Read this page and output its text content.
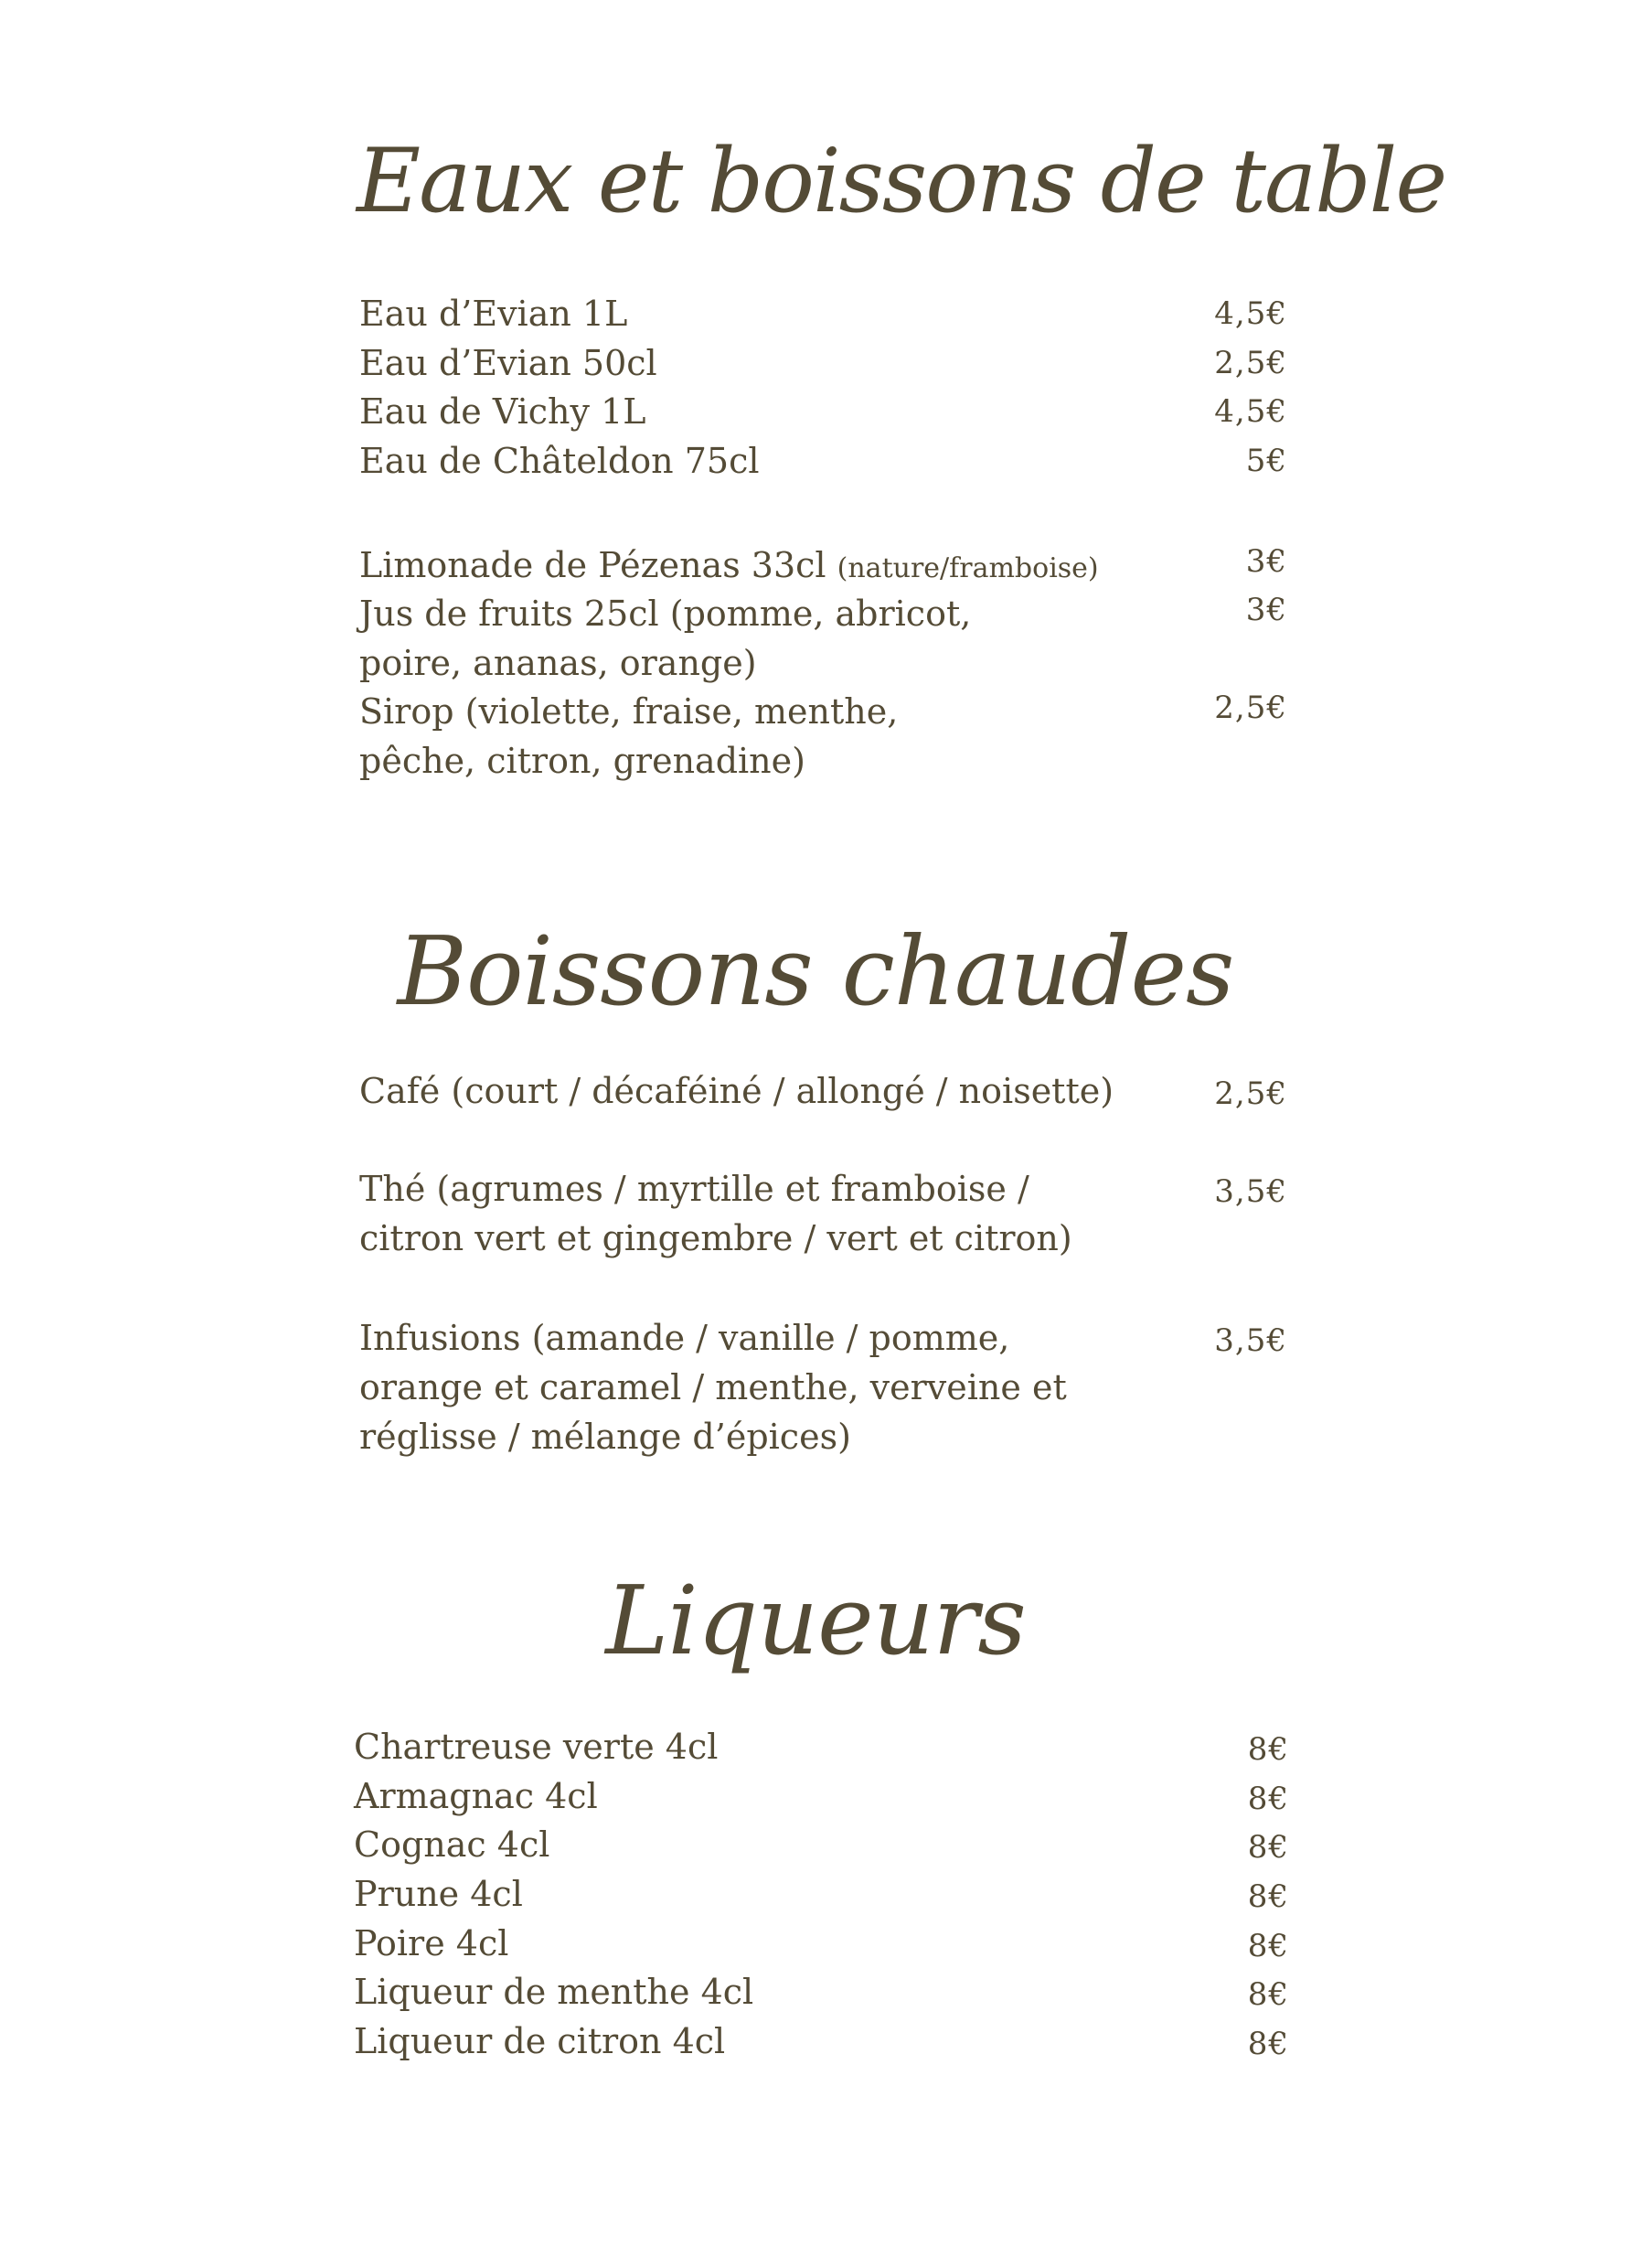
Eaux et boissons de table
Eau d’Evian 1L	4,5€
Eau d’Evian 50cl	2,5€
Eau de Vichy 1L	4,5€
Eau de Châteldon 75cl	5€
Limonade de Pézenas 33cl (nature/framboise)	3€
Jus de fruits 25cl (pomme, abricot,
poire, ananas, orange)
3€
Sirop (violette, fraise, menthe,
pêche, citron, grenadine)
2,5€
Boissons chaudes
Café (court / décaféiné / allongé / noisette)	2,5€
Thé (agrumes / myrtille et framboise /
citron vert et gingembre / vert et citron)
3,5€
Infusions (amande / vanille / pomme,
orange et caramel / menthe, verveine et
réglisse / mélange d’épices)
3,5€
Liqueurs
Chartreuse verte 4cl	8€
Armagnac 4cl	8€
Cognac 4cl	8€
Prune 4cl	8€
Poire 4cl	8€
Liqueur de menthe 4cl	8€
Liqueur de citron 4cl	8€
